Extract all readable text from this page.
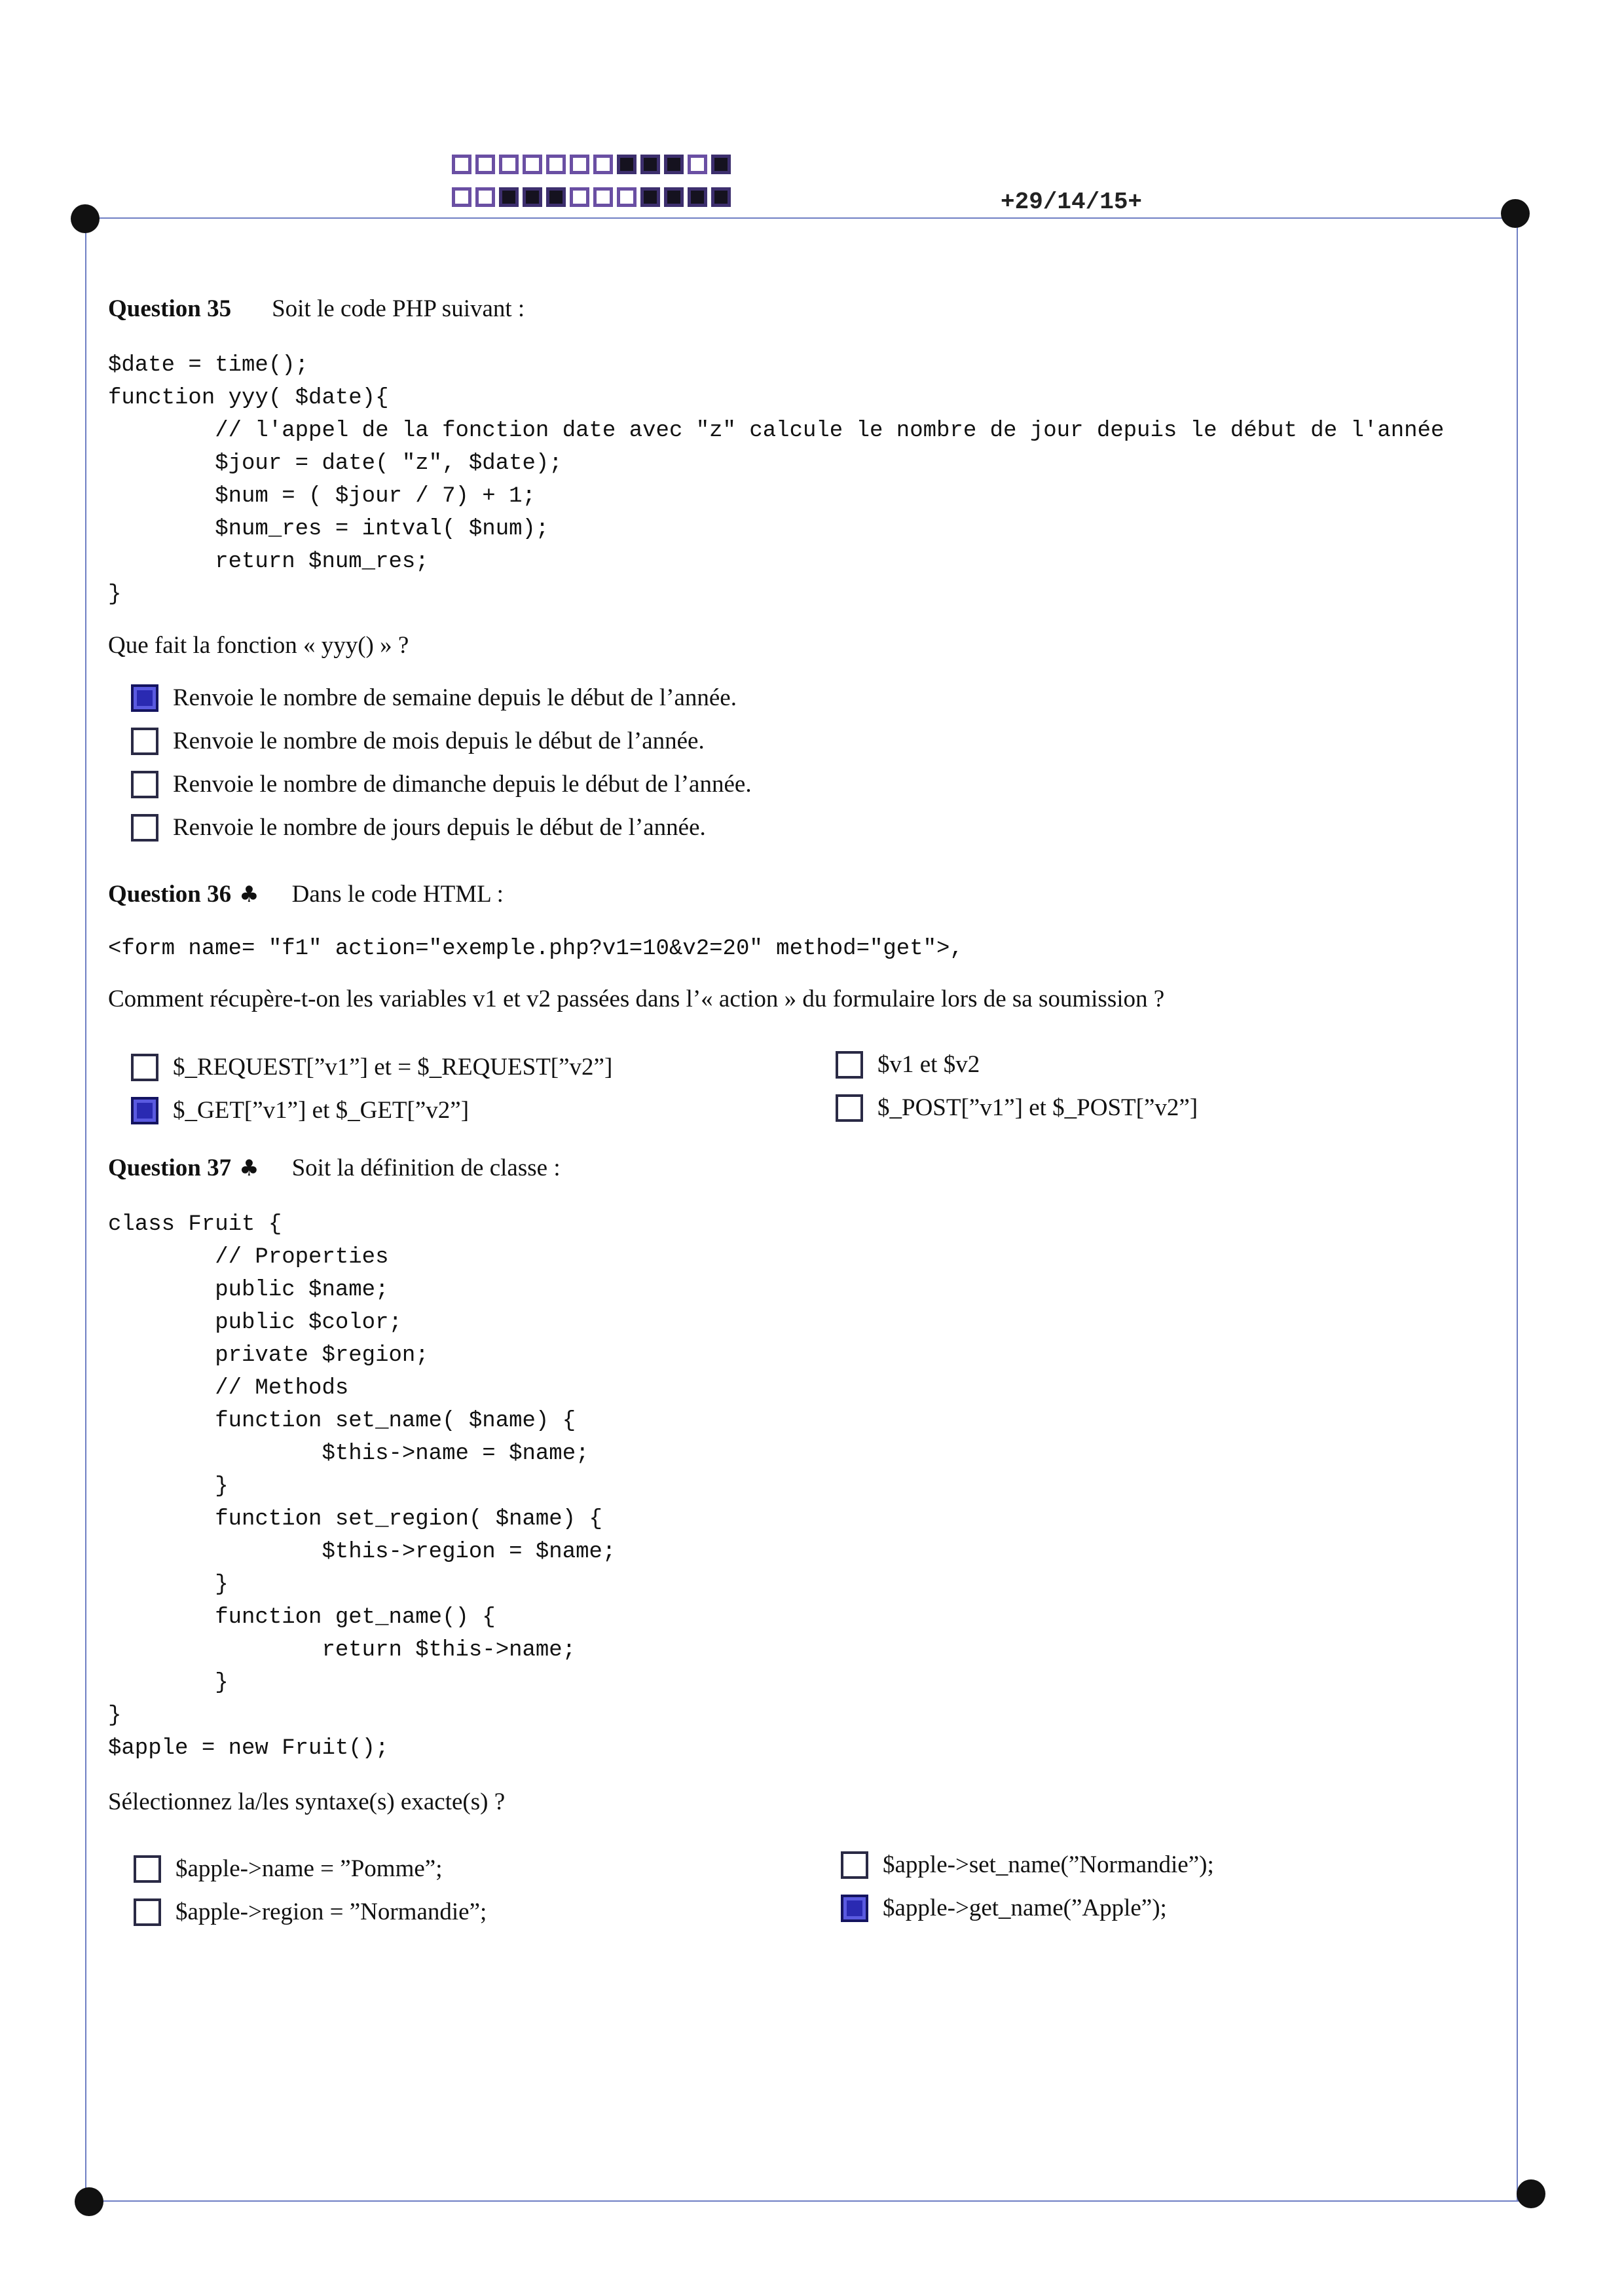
+29/14/15+
Question 35 Soit le code PHP suivant :
$date = time();
function yyy( $date){
// l'appel de la fonction date avec "z" calcule le nombre de jour depuis le début de l'année
$jour = date( "z", $date);
$num = ( $jour / 7) + 1;
$num_res = intval( $num);
return $num_res;
}
Que fait la fonction « yyy() » ?
Renvoie le nombre de semaine depuis le début de l’année.
Renvoie le nombre de mois depuis le début de l’année.
Renvoie le nombre de dimanche depuis le début de l’année.
Renvoie le nombre de jours depuis le début de l’année.
Question 36 ♣ Dans le code HTML :
<form name= "f1" action="exemple.php?v1=10&v2=20" method="get">,
Comment récupère-t-on les variables v1 et v2 passées dans l’« action » du formulaire lors de sa soumission ?
$_REQUEST[”v1”] et = $_REQUEST[”v2”]	$v1 et $v2
$_GET[”v1”] et $_GET[”v2”]	$_POST[”v1”] et $_POST[”v2”]
Question 37 ♣ Soit la définition de classe :
class Fruit {
// Properties
public $name;
public $color;
private $region;
// Methods
function set_name( $name) {
$this->name = $name;
}
function set_region( $name) {
$this->region = $name;
}
function get_name() {
return $this->name;
}
}
$apple = new Fruit();
Sélectionnez la/les syntaxe(s) exacte(s) ?
$apple->name = ”Pomme”;	$apple->set_name(”Normandie”);
$apple->region = ”Normandie”;	$apple->get_name(”Apple”);
